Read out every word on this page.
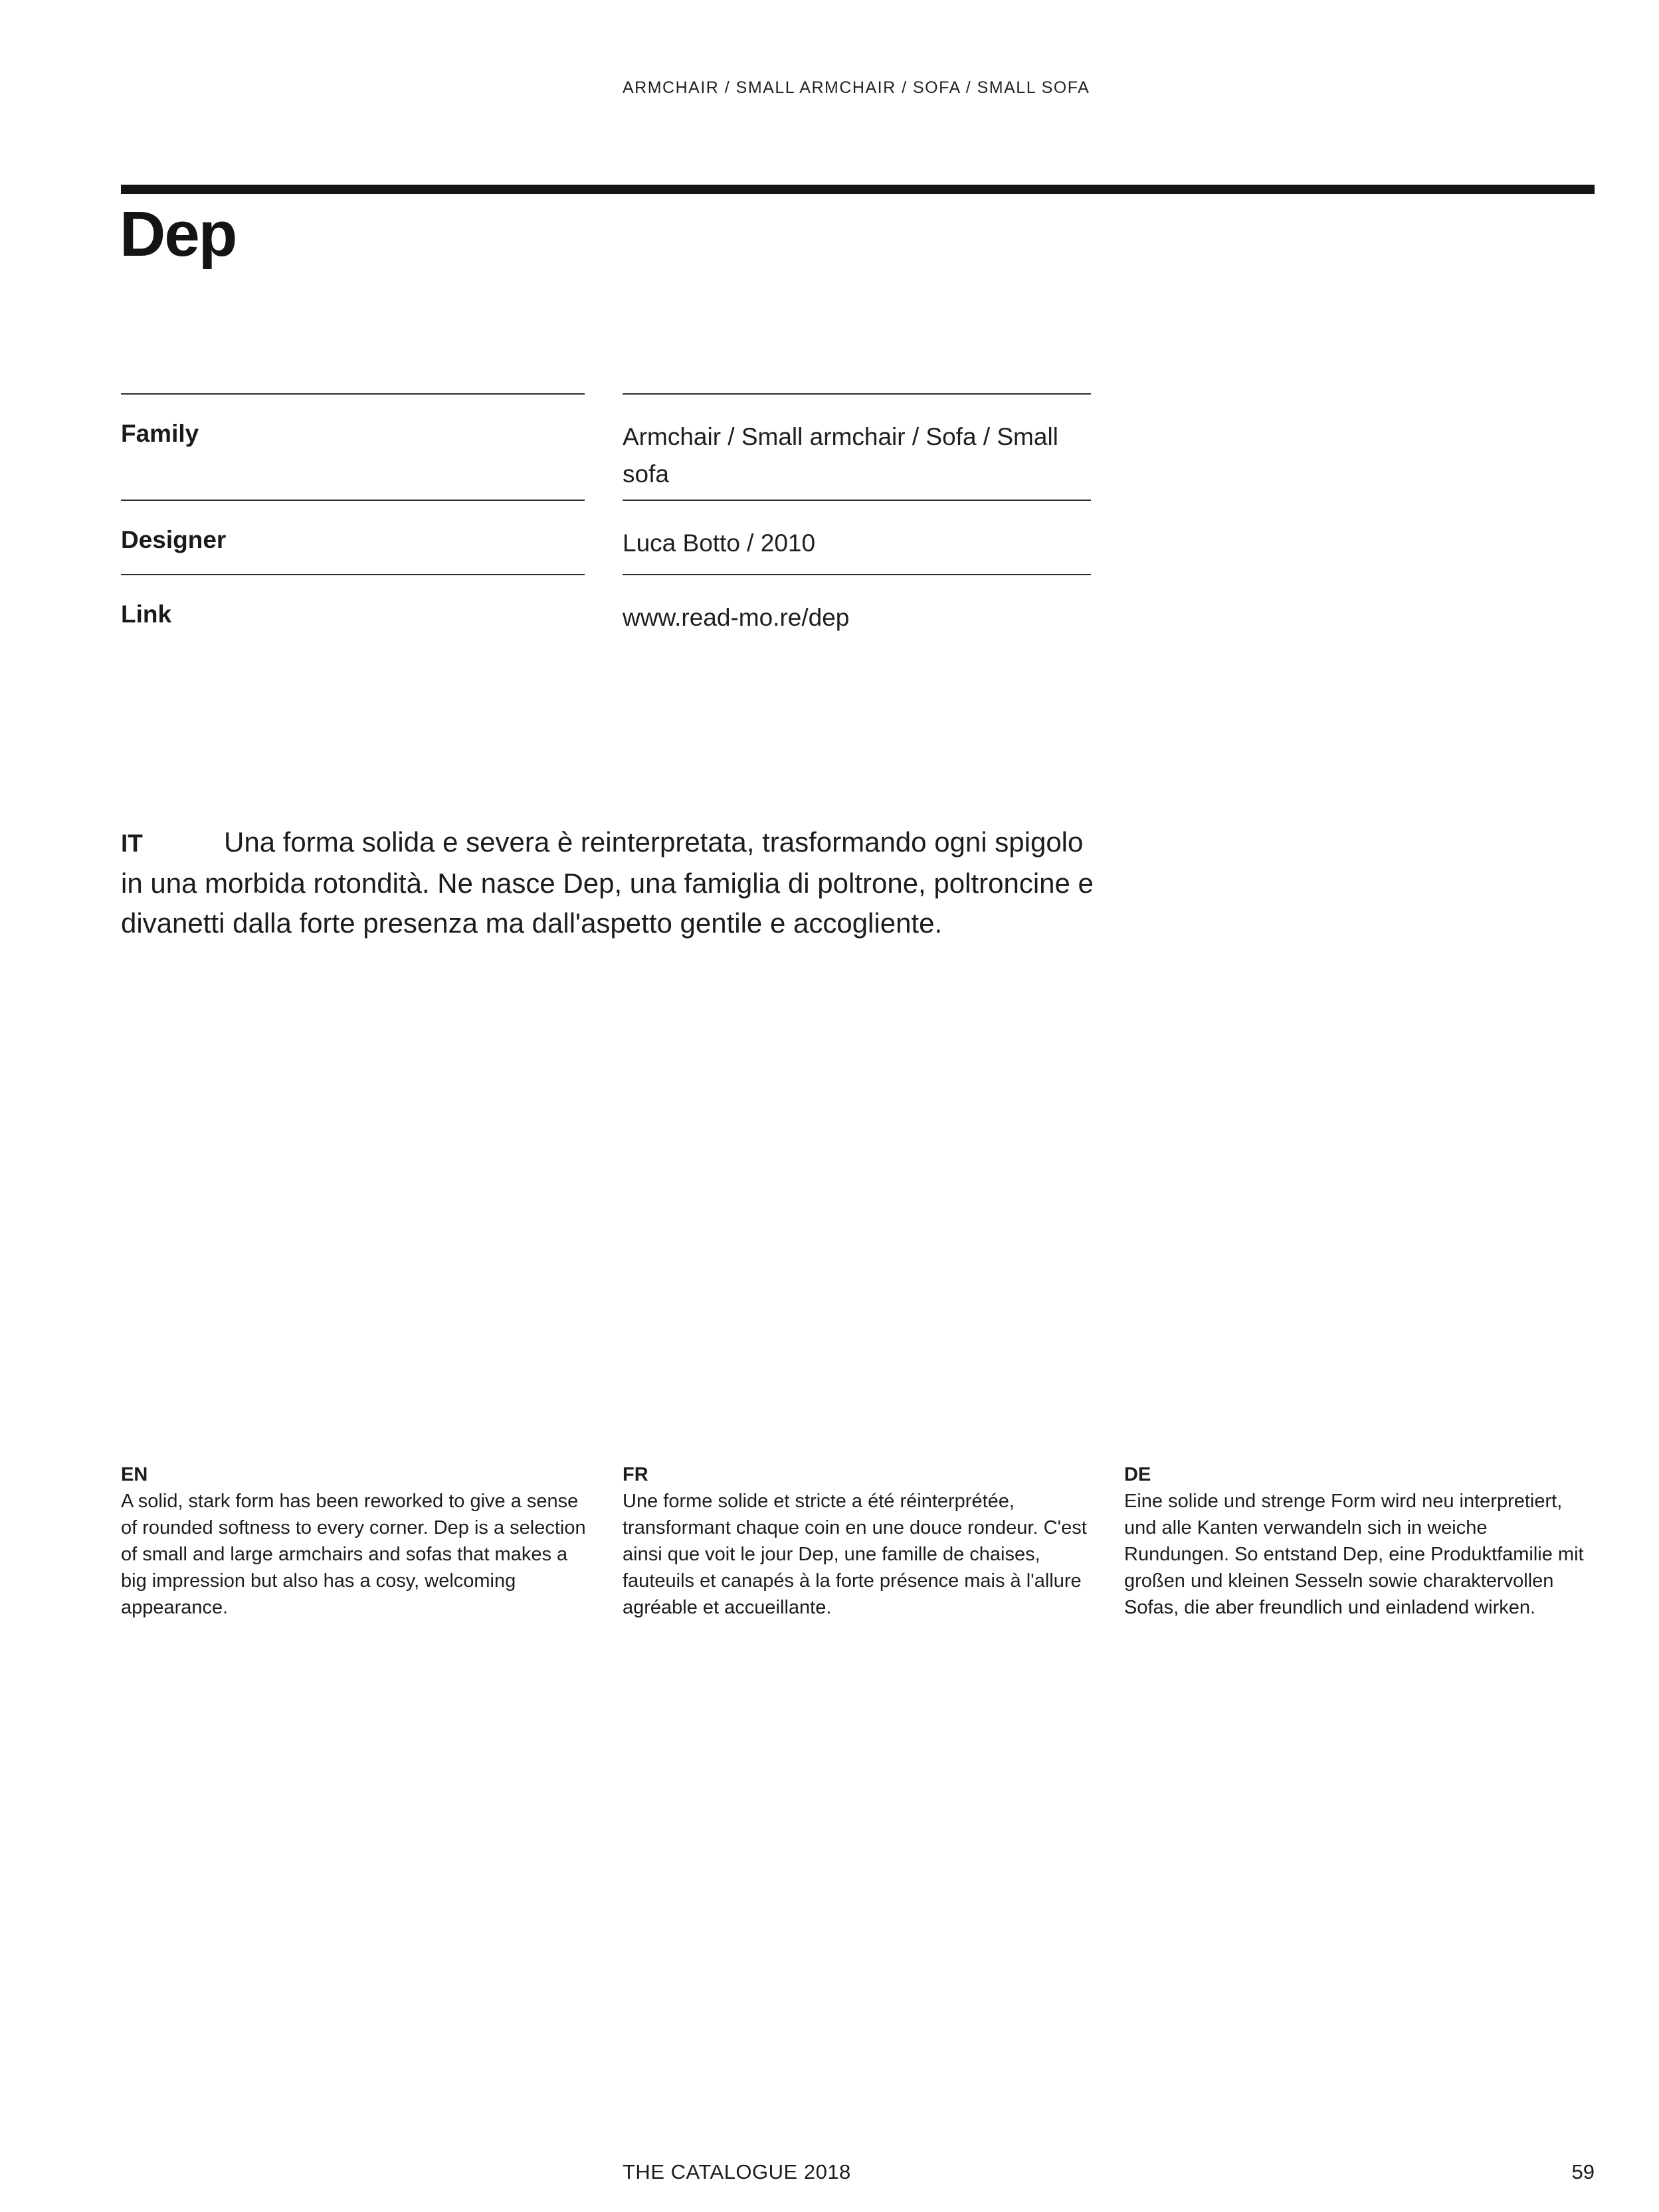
ARMCHAIR / SMALL ARMCHAIR / SOFA / SMALL SOFA
Dep
Family	Armchair / Small armchair / Sofa / Small sofa
Designer	Luca Botto / 2010
Link	www.read-mo.re/dep

IT	Una forma solida e severa è reinterpretata, trasformando ogni spigolo in una morbida rotondità. Ne nasce Dep, una famiglia di poltrone, poltroncine e divanetti dalla forte presenza ma dall'aspetto gentile e accogliente.

EN
A solid, stark form has been reworked to give a sense of rounded softness to every corner. Dep is a selection of small and large armchairs and sofas that makes a big impression but also has a cosy, welcoming appearance.
FR
Une forme solide et stricte a été réinterprétée, transformant chaque coin en une douce rondeur. C'est ainsi que voit le jour Dep, une famille de chaises, fauteuils et canapés à la forte présence mais à l'allure agréable et accueillante.
DE
Eine solide und strenge Form wird neu interpretiert, und alle Kanten verwandeln sich in weiche Rundungen. So entstand Dep, eine Produktfamilie mit großen und kleinen Sesseln sowie charaktervollen Sofas, die aber freundlich und einladend wirken.
THE CATALOGUE 2018	59
